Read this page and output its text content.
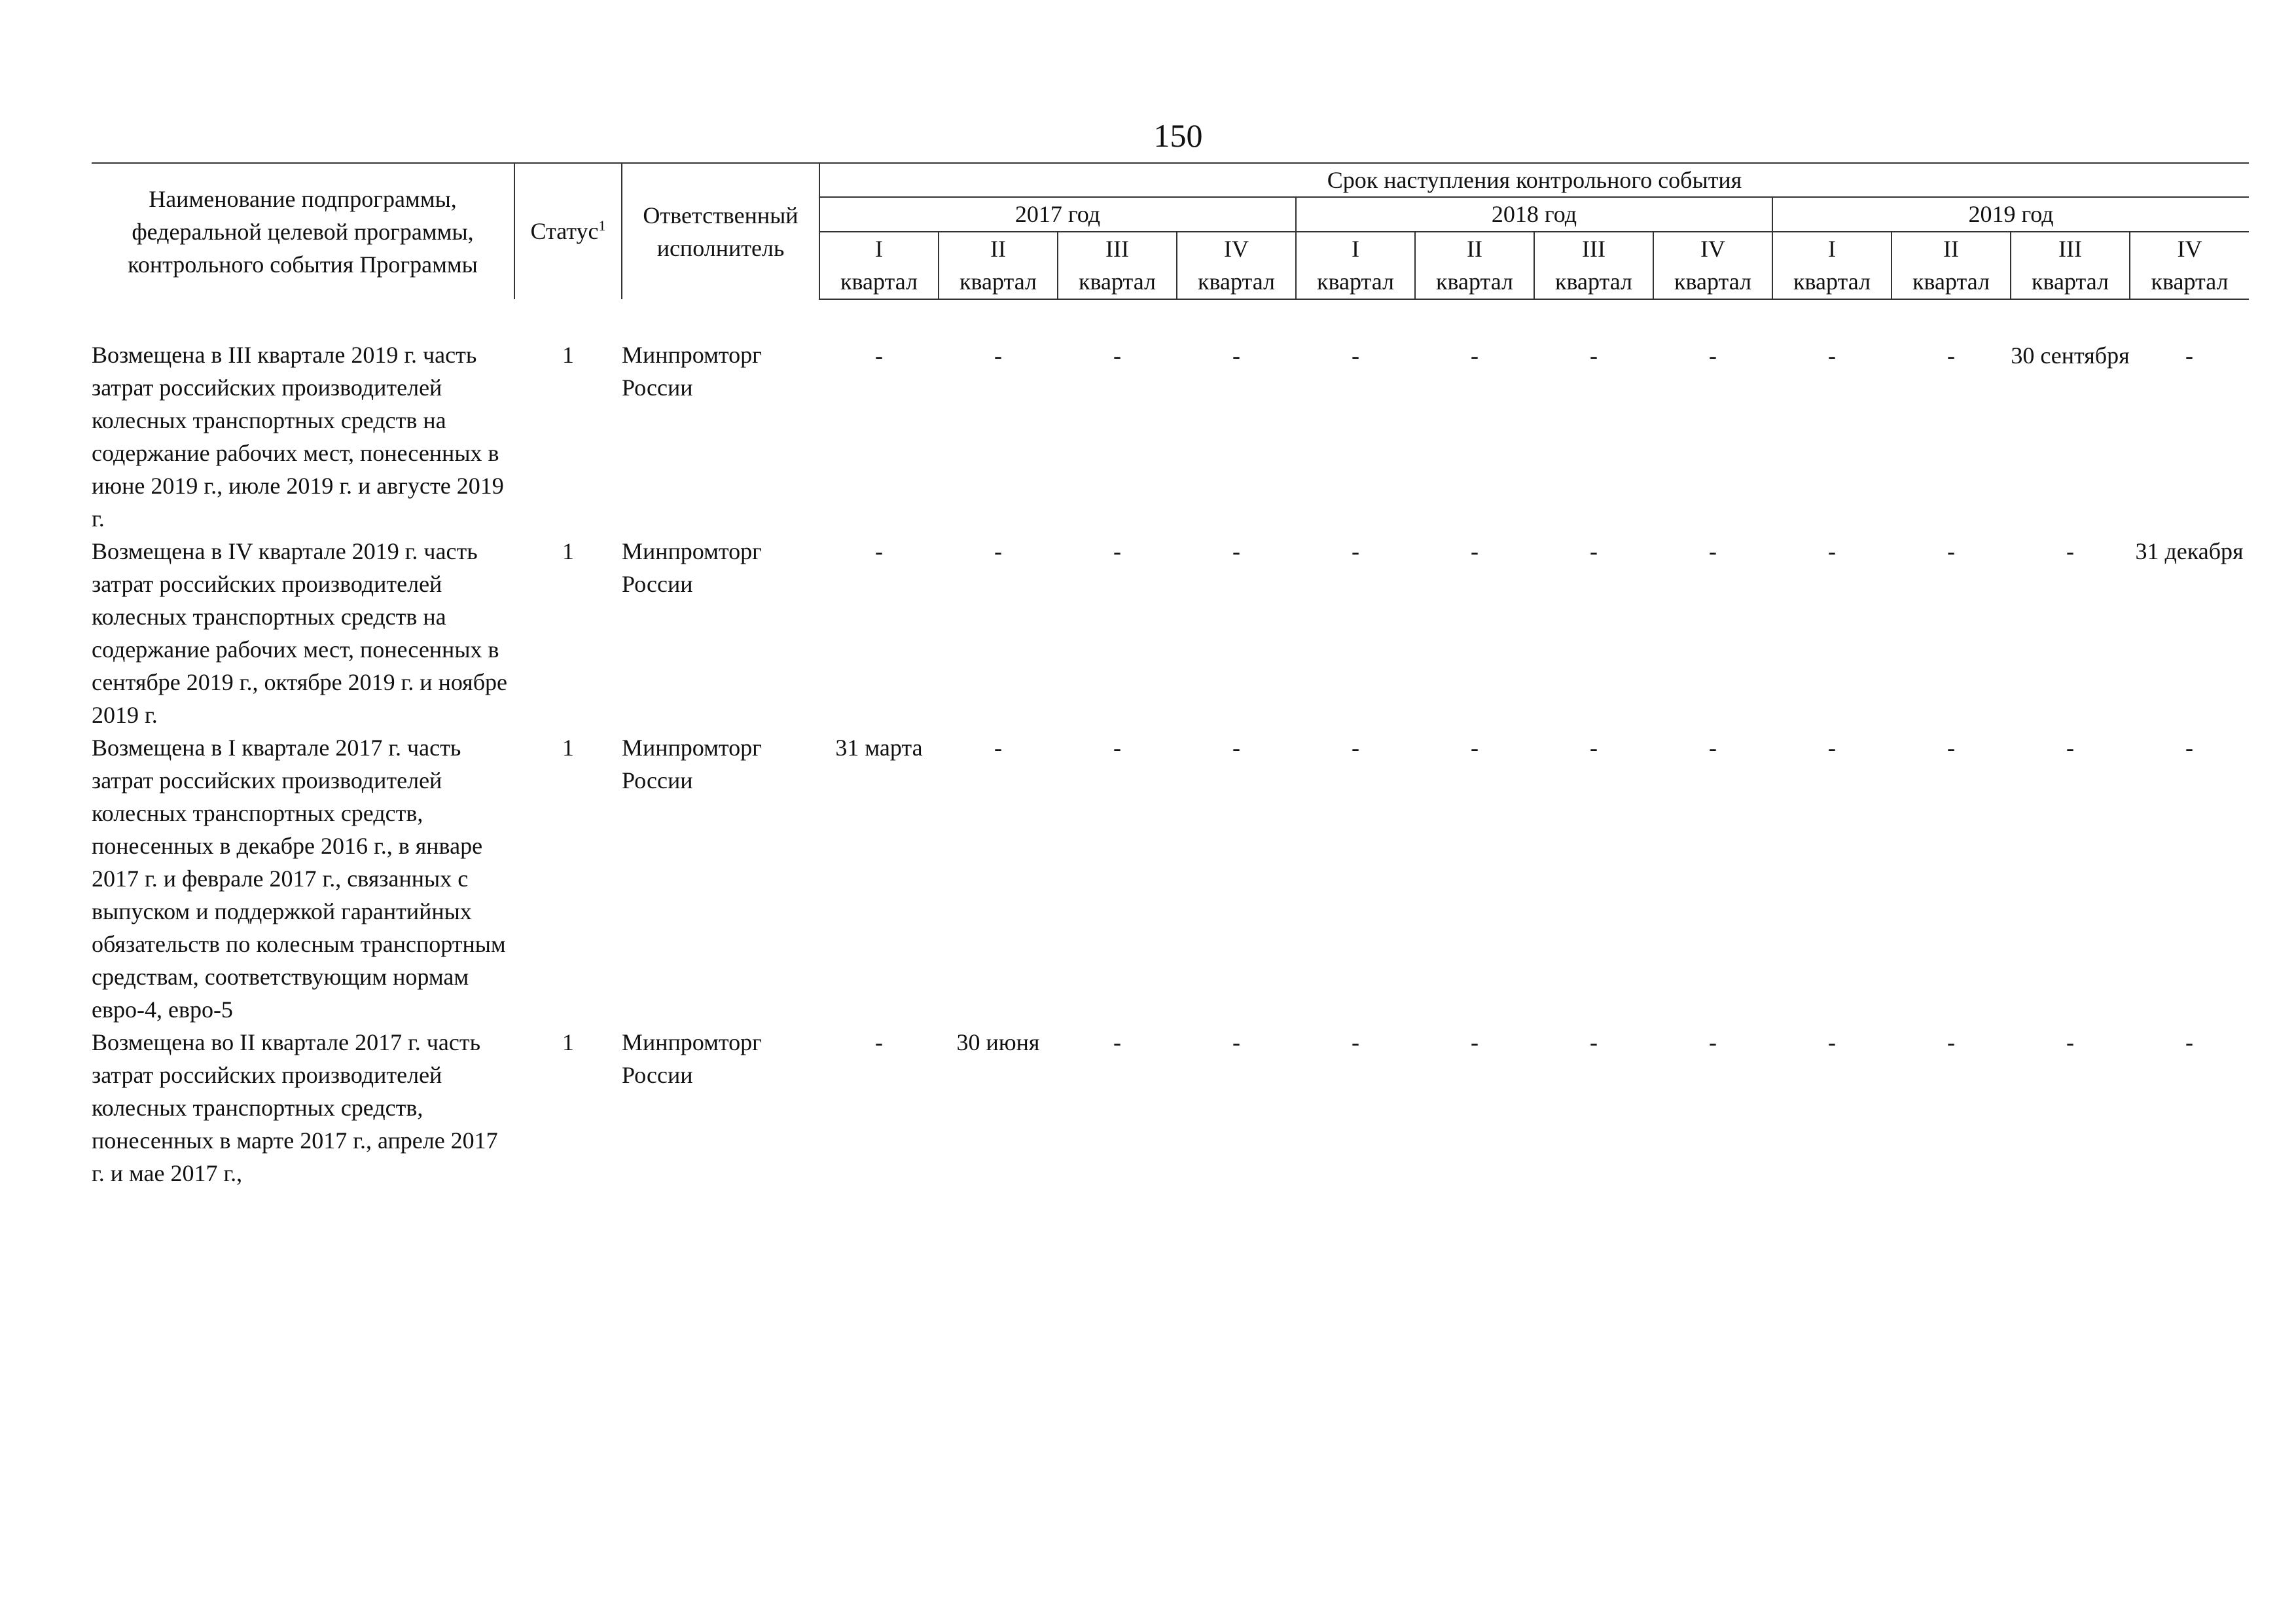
150
Наименование подпрограммы, федеральной целевой программы, контрольного события Программы	Статус$^1$	Ответственный исполнитель	Срок наступления контрольного события											
			2017 год				2018 год				2019 год			
			I	II	III	IV	I	II	III	IV	I	II	III	IV
			квартал	квартал	квартал	квартал	квартал	квартал	квартал	квартал	квартал	квартал	квартал	квартал
Возмещена в III квартале 2019 г. часть затрат российских производителей колесных транспортных средств на содержание рабочих мест, понесенных в июне 2019 г., июле 2019 г. и августе 2019 г.	1	Минпромторг России	-	-	-	-	-	-	-	-	-	-	30 сентября	-
Возмещена в IV квартале 2019 г. часть затрат российских производителей колесных транспортных средств на содержание рабочих мест, понесенных в сентябре 2019 г., октябре 2019 г. и ноябре 2019 г.	1	Минпромторг России	-	-	-	-	-	-	-	-	-	-	-	31 декабря
Возмещена в I квартале 2017 г. часть затрат российских производителей колесных транспортных средств, понесенных в декабре 2016 г., в январе 2017 г. и феврале 2017 г., связанных с выпуском и поддержкой гарантийных обязательств по колесным транспортным средствам, соответствующим нормам евро-4, евро-5	1	Минпромторг России	31 марта	-	-	-	-	-	-	-	-	-	-	-
Возмещена во II квартале 2017 г. часть затрат российских производителей колесных транспортных средств, понесенных в марте 2017 г., апреле 2017 г. и мае 2017 г.,	1	Минпромторг России	-	30 июня	-	-	-	-	-	-	-	-	-	-
